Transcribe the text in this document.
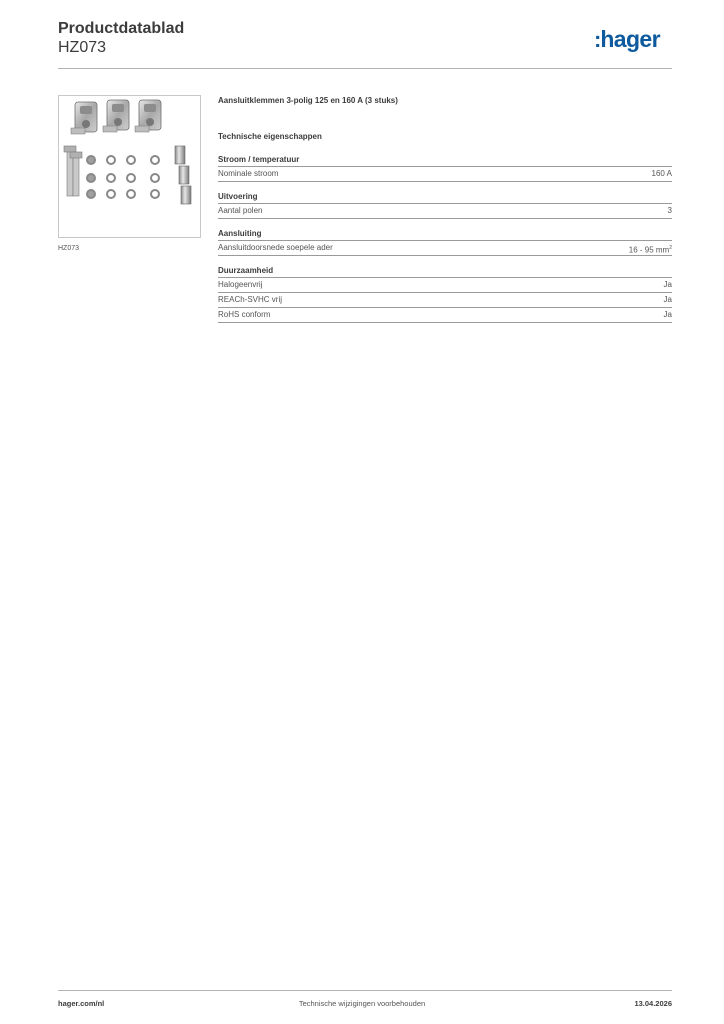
Productdatablad
HZ073	:hager
HZ073
Aansluitklemmen 3-polig 125 en 160 A (3 stuks)
Technische eigenschappen
Stroom / temperatuur
Nominale stroom	160 A
Uitvoering
Aantal polen	3
Aansluiting
Aansluitdoorsnede soepele ader	16 - 95 $mm^2$
Duurzaamheid
Halogeenvrij	Ja
REACh-SVHC vrij	Ja
RoHS conform	Ja
hager.com/nl	Technische wijzigingen voorbehouden	13.04.2026
